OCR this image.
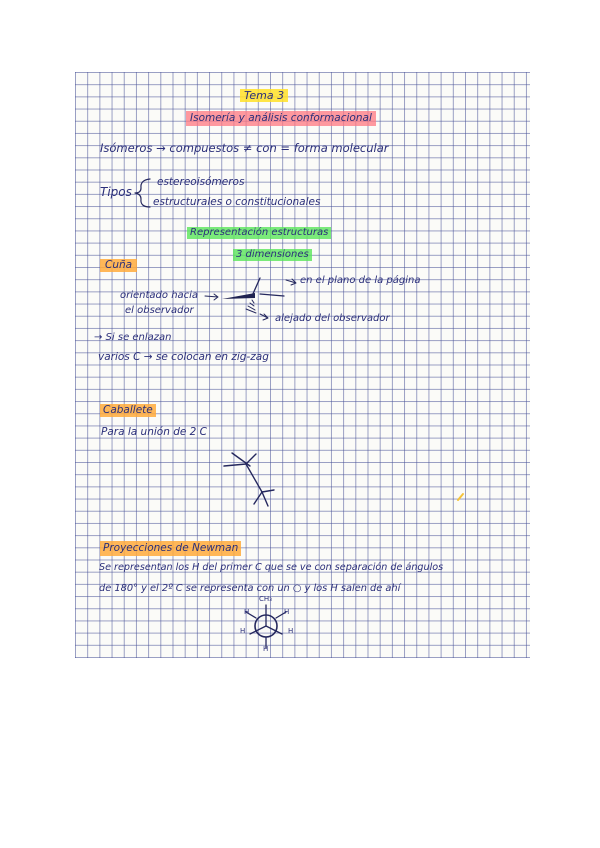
Tema 3
Isomería y análisis conformacional
Isómeros → compuestos ≠ con = forma molecular
Tipos
estereoisómeros
estructurales o constitucionales
Representación estructuras
3 dimensiones
Cuña
orientado hacia
el observador
en el plano de la página
alejado del observador
→ Si se enlazan
varios C → se colocan en zig-zag
Caballete
Para la unión de 2 C
Proyecciones de Newman
Se representan los H del primer C que se ve con separación de ángulos
de 180° y el 2º C se representa con un ○ y los H salen de ahí
CH₃
H	H
H	H
H
